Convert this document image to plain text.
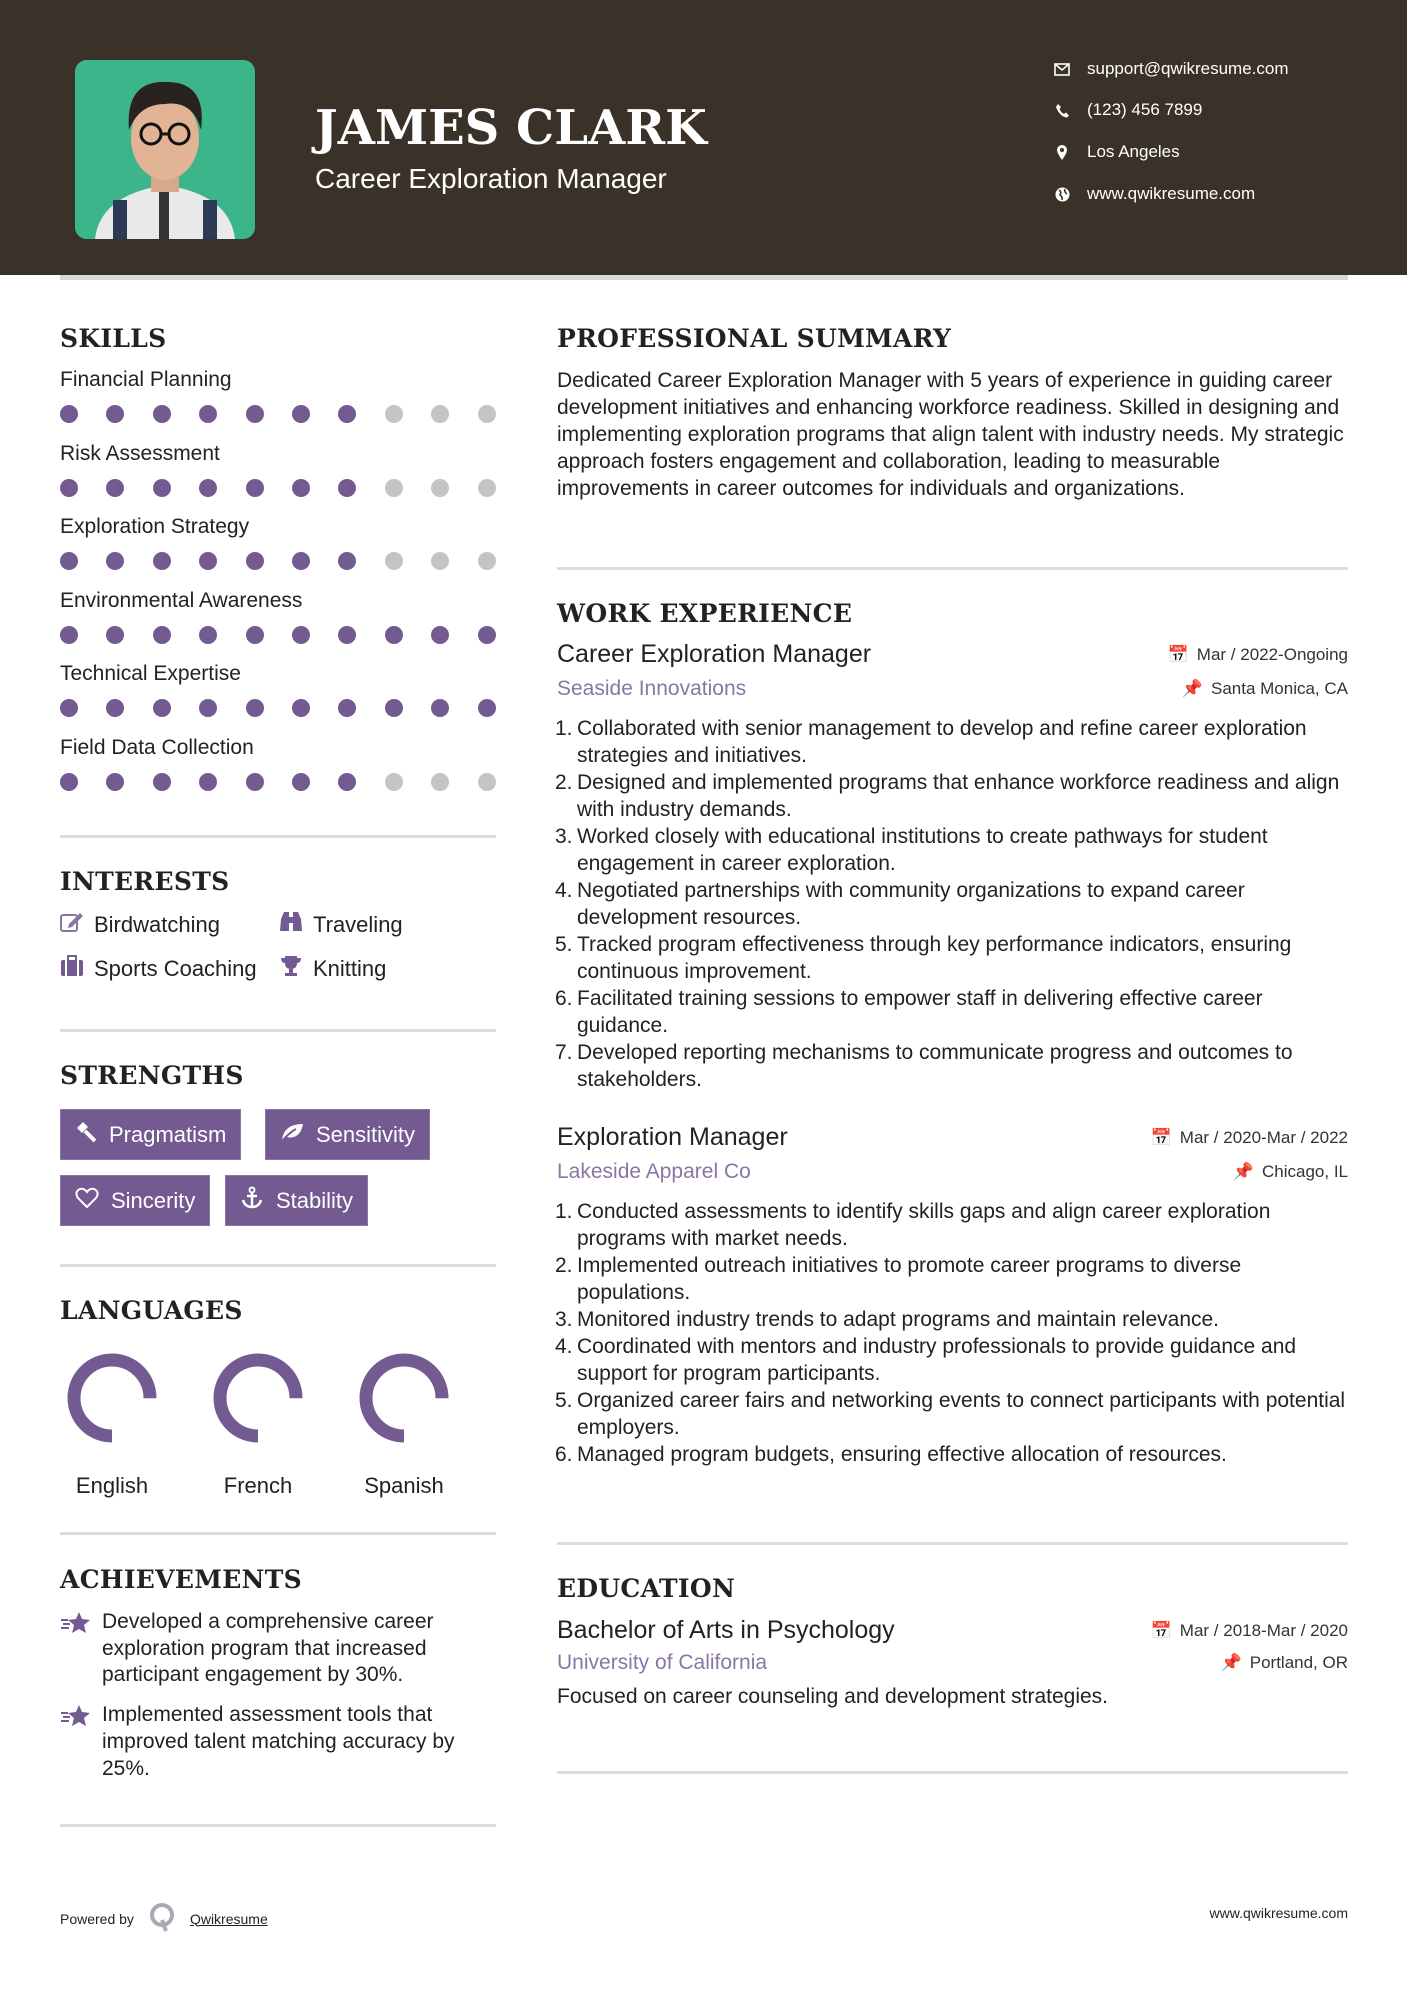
JAMES CLARK
Career Exploration Manager
support@qwikresume.com
(123) 456 7899
Los Angeles
www.qwikresume.com
SKILLS
Financial Planning
Risk Assessment
Exploration Strategy
Environmental Awareness
Technical Expertise
Field Data Collection
INTERESTS
Birdwatching	Traveling
Sports Coaching	Knitting
STRENGTHS
Pragmatism	Sensitivity
Sincerity	Stability
LANGUAGES
English	French	Spanish
ACHIEVEMENTS
Developed a comprehensive career exploration program that increased participant engagement by 30%.
Implemented assessment tools that improved talent matching accuracy by 25%.
PROFESSIONAL SUMMARY
Dedicated Career Exploration Manager with 5 years of experience in guiding career development initiatives and enhancing workforce readiness. Skilled in designing and implementing exploration programs that align talent with industry needs. My strategic approach fosters engagement and collaboration, leading to measurable improvements in career outcomes for individuals and organizations.
WORK EXPERIENCE
Career Exploration Manager	📅 Mar / 2022-Ongoing
Seaside Innovations	📌 Santa Monica, CA
1. Collaborated with senior management to develop and refine career exploration strategies and initiatives.
2. Designed and implemented programs that enhance workforce readiness and align with industry demands.
3. Worked closely with educational institutions to create pathways for student engagement in career exploration.
4. Negotiated partnerships with community organizations to expand career development resources.
5. Tracked program effectiveness through key performance indicators, ensuring continuous improvement.
6. Facilitated training sessions to empower staff in delivering effective career guidance.
7. Developed reporting mechanisms to communicate progress and outcomes to stakeholders.
Exploration Manager	📅 Mar / 2020-Mar / 2022
Lakeside Apparel Co	📌 Chicago, IL
1. Conducted assessments to identify skills gaps and align career exploration programs with market needs.
2. Implemented outreach initiatives to promote career programs to diverse populations.
3. Monitored industry trends to adapt programs and maintain relevance.
4. Coordinated with mentors and industry professionals to provide guidance and support for program participants.
5. Organized career fairs and networking events to connect participants with potential employers.
6. Managed program budgets, ensuring effective allocation of resources.
EDUCATION
Bachelor of Arts in Psychology	📅 Mar / 2018-Mar / 2020
University of California	📌 Portland, OR
Focused on career counseling and development strategies.
Powered by	Qwikresume	www.qwikresume.com
